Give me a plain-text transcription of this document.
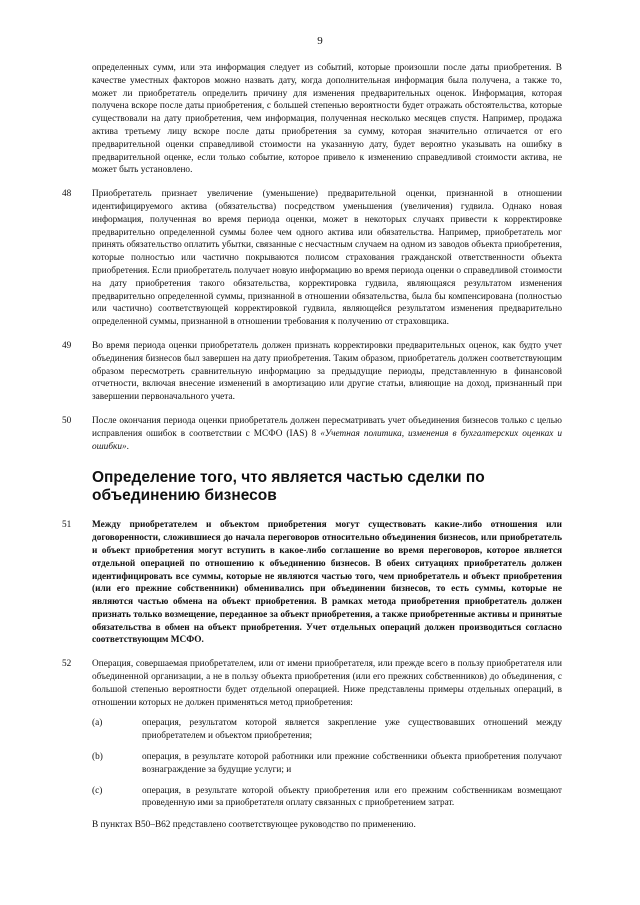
9

определенных сумм, или эта информация следует из событий, которые произошли после даты приобретения. В качестве уместных факторов можно назвать дату, когда дополнительная информация была получена, а также то, может ли приобретатель определить причину для изменения предварительных оценок. Информация, которая получена вскоре после даты приобретения, с большей степенью вероятности будет отражать обстоятельства, которые существовали на дату приобретения, чем информация, полученная несколько месяцев спустя. Например, продажа актива третьему лицу вскоре после даты приобретения за сумму, которая значительно отличается от его предварительной оценки справедливой стоимости на указанную дату, будет вероятно указывать на ошибку в предварительной оценке, если только событие, которое привело к изменению справедливой стоимости актива, не может быть установлено.

48 Приобретатель признает увеличение (уменьшение) предварительной оценки, признанной в отношении идентифицируемого актива (обязательства) посредством уменьшения (увеличения) гудвила. Однако новая информация, полученная во время периода оценки, может в некоторых случаях привести к корректировке предварительно определенной суммы более чем одного актива или обязательства. Например, приобретатель мог принять обязательство оплатить убытки, связанные с несчастным случаем на одном из заводов объекта приобретения, которые полностью или частично покрываются полисом страхования гражданской ответственности объекта приобретения. Если приобретатель получает новую информацию во время периода оценки о справедливой стоимости на дату приобретения такого обязательства, корректировка гудвила, являющаяся результатом изменения предварительно определенной суммы, признанной в отношении обязательства, была бы компенсирована (полностью или частично) соответствующей корректировкой гудвила, являющейся результатом изменения предварительно определенной суммы, признанной в отношении требования к получению от страховщика.

49 Во время периода оценки приобретатель должен признать корректировки предварительных оценок, как будто учет объединения бизнесов был завершен на дату приобретения. Таким образом, приобретатель должен соответствующим образом пересмотреть сравнительную информацию за предыдущие периоды, представленную в финансовой отчетности, включая внесение изменений в амортизацию или другие статьи, влияющие на доход, признанный при завершении первоначального учета.

50 После окончания периода оценки приобретатель должен пересматривать учет объединения бизнесов только с целью исправления ошибок в соответствии с МСФО (IAS) 8 «Учетная политика, изменения в бухгалтерских оценках и ошибки».

Определение того, что является частью сделки по объединению бизнесов
51 Между приобретателем и объектом приобретения могут существовать какие-либо отношения или договоренности, сложившиеся до начала переговоров относительно объединения бизнесов, или приобретатель и объект приобретения могут вступить в какое-либо соглашение во время переговоров, которое является отдельной операцией по отношению к объединению бизнесов. В обеих ситуациях приобретатель должен идентифицировать все суммы, которые не являются частью того, чем приобретатель и объект приобретения (или его прежние собственники) обменивались при объединении бизнесов, то есть суммы, которые не являются частью обмена на объект приобретения. В рамках метода приобретения приобретатель должен признать только возмещение, переданное за объект приобретения, а также приобретенные активы и принятые обязательства в обмен на объект приобретения. Учет отдельных операций должен производиться согласно соответствующим МСФО.

52 Операция, совершаемая приобретателем, или от имени приобретателя, или прежде всего в пользу приобретателя или объединенной организации, а не в пользу объекта приобретения (или его прежних собственников) до объединения, с большой степенью вероятности будет отдельной операцией. Ниже представлены примеры отдельных операций, в отношении которых не должен применяться метод приобретения:

(a)	операция, результатом которой является закрепление уже существовавших отношений между приобретателем и объектом приобретения;

(b)	операция, в результате которой работники или прежние собственники объекта приобретения получают вознаграждение за будущие услуги; и

(c)	операция, в результате которой объекту приобретения или его прежним собственникам возмещают проведенную ими за приобретателя оплату связанных с приобретением затрат.

В пунктах В50–В62 представлено соответствующее руководство по применению.
